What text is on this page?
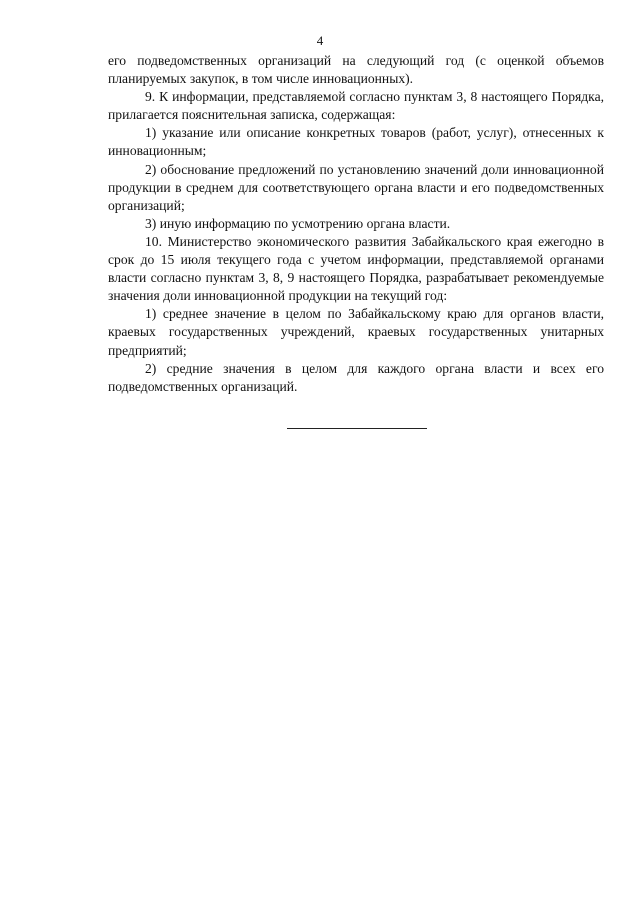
4

его подведомственных организаций на следующий год (с оценкой объемов планируемых закупок, в том числе инновационных).

9. К информации, представляемой согласно пунктам 3, 8 настоящего Порядка, прилагается пояснительная записка, содержащая:

1) указание или описание конкретных товаров (работ, услуг), отнесенных к инновационным;

2) обоснование предложений по установлению значений доли инновационной продукции в среднем для соответствующего органа власти и его подведомственных организаций;

3) иную информацию по усмотрению органа власти.

10. Министерство экономического развития Забайкальского края ежегодно в срок до 15 июля текущего года с учетом информации, представляемой органами власти согласно пунктам 3, 8, 9 настоящего Порядка, разрабатывает рекомендуемые значения доли инновационной продукции на текущий год:

1) среднее значение в целом по Забайкальскому краю для органов власти, краевых государственных учреждений, краевых государственных унитарных предприятий;

2) средние значения в целом для каждого органа власти и всех его подведомственных организаций.
